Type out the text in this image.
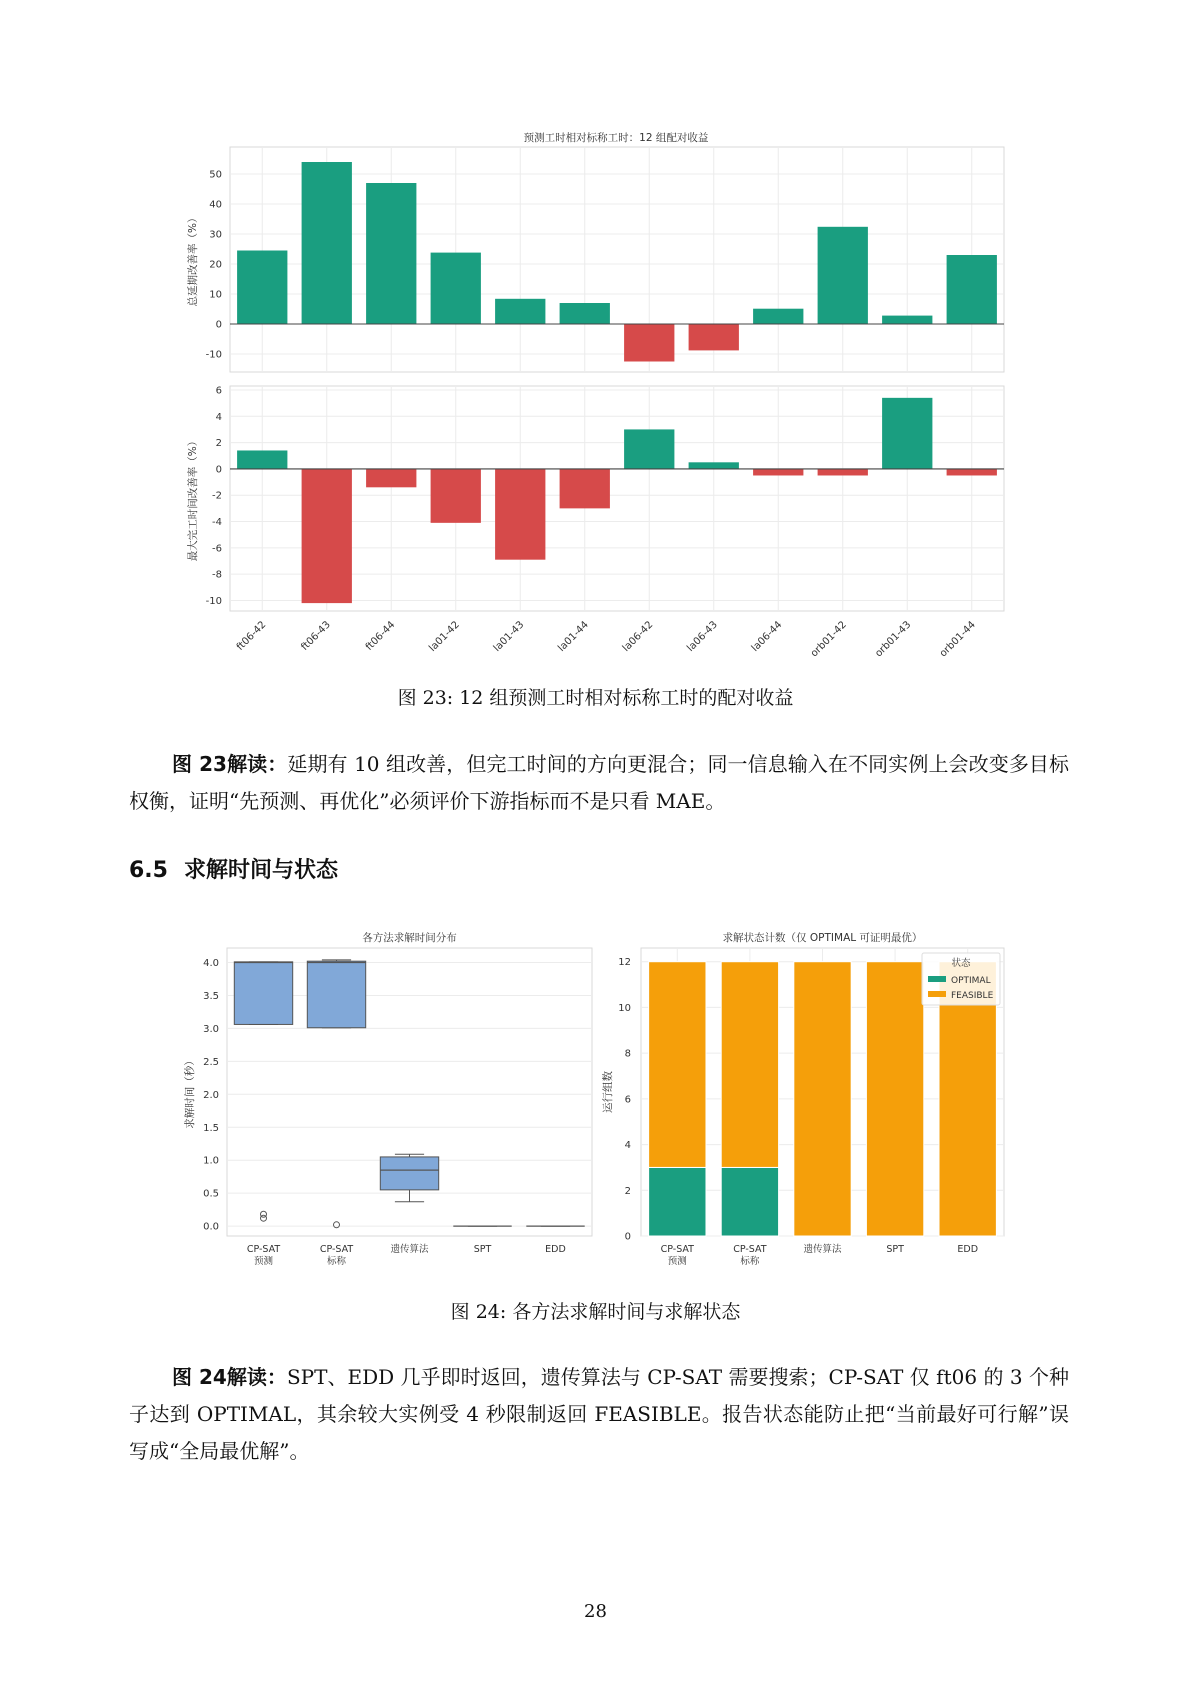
预测工时相对标称工时：12 组配对收益
-10
0
10
20
30
40
50
总延期改善率（%）
-10
-8
-6
-4
-2
0
2
4
6
最大完工时间改善率（%）
ft06-42	ft06-43	ft06-44	la01-42	la01-43	la01-44	la06-42	la06-43	la06-44 orb01-42 orb01-43 orb01-44
图 23: 12 组预测工时相对标称工时的配对收益
图 23解读：延期有 10 组改善，但完工时间的方向更混合；同一信息输入在不同实例上会改变多目标权衡，证明“先预测、再优化”必须评价下游指标而不是只看 MAE。
6.5 求解时间与状态
各方法求解时间分布
0.0
0.5
1.0
1.5
2.0
2.5
3.0
3.5
4.0
求解时间（秒）
CP-SAT
预测
CP-SAT
标称
遗传算法	SPT	EDD
求解状态计数（仅 OPTIMAL 可证明最优）
0
2
4
6
8
10
12
运行组数
CP-SAT
预测
CP-SAT
标称
遗传算法	SPT	EDD
状态
OPTIMAL
FEASIBLE
图 24: 各方法求解时间与求解状态
图 24解读：SPT、EDD 几乎即时返回，遗传算法与 CP-SAT 需要搜索；CP-SAT 仅 ft06 的 3 个种子达到 OPTIMAL，其余较大实例受 4 秒限制返回 FEASIBLE。报告状态能防止把“当前最好可行解”误写成“全局最优解”。
28
